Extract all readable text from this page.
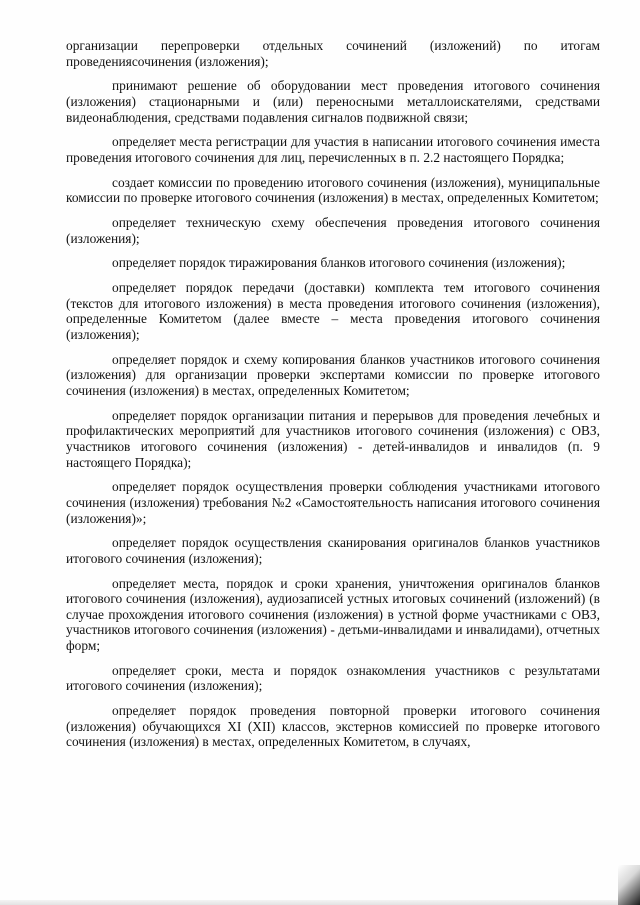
организации перепроверки отдельных сочинений (изложений) по итогам проведениясочинения (изложения);

принимают решение об оборудовании мест проведения итогового сочинения (изложения) стационарными и (или) переносными металлоискателями, средствами видеонаблюдения, средствами подавления сигналов подвижной связи;

определяет места регистрации для участия в написании итогового сочинения иместа проведения итогового сочинения для лиц, перечисленных в п. 2.2 настоящего Порядка;

создает комиссии по проведению итогового сочинения (изложения), муниципальные комиссии по проверке итогового сочинения (изложения) в местах, определенных Комитетом;

определяет техническую схему обеспечения проведения итогового сочинения (изложения);

определяет порядок тиражирования бланков итогового сочинения (изложения);

определяет порядок передачи (доставки) комплекта тем итогового сочинения (текстов для итогового изложения) в места проведения итогового сочинения (изложения), определенные Комитетом (далее вместе – места проведения итогового сочинения (изложения);

определяет порядок и схему копирования бланков участников итогового сочинения (изложения) для организации проверки экспертами комиссии по проверке итогового сочинения (изложения) в местах, определенных Комитетом;

определяет порядок организации питания и перерывов для проведения лечебных и профилактических мероприятий для участников итогового сочинения (изложения) с ОВЗ, участников итогового сочинения (изложения) - детей-инвалидов и инвалидов (п. 9 настоящего Порядка);

определяет порядок осуществления проверки соблюдения участниками итогового сочинения (изложения) требования №2 «Самостоятельность написания итогового сочинения (изложения)»;

определяет порядок осуществления сканирования оригиналов бланков участников итогового сочинения (изложения);

определяет места, порядок и сроки хранения, уничтожения оригиналов бланков итогового сочинения (изложения), аудиозаписей устных итоговых сочинений (изложений) (в случае прохождения итогового сочинения (изложения) в устной форме участниками с ОВЗ, участников итогового сочинения (изложения) - детьми-инвалидами и инвалидами), отчетных форм;

определяет сроки, места и порядок ознакомления участников с результатами итогового сочинения (изложения);

определяет порядок проведения повторной проверки итогового сочинения (изложения) обучающихся XI (XII) классов, экстернов комиссией по проверке итогового сочинения (изложения) в местах, определенных Комитетом, в случаях,
